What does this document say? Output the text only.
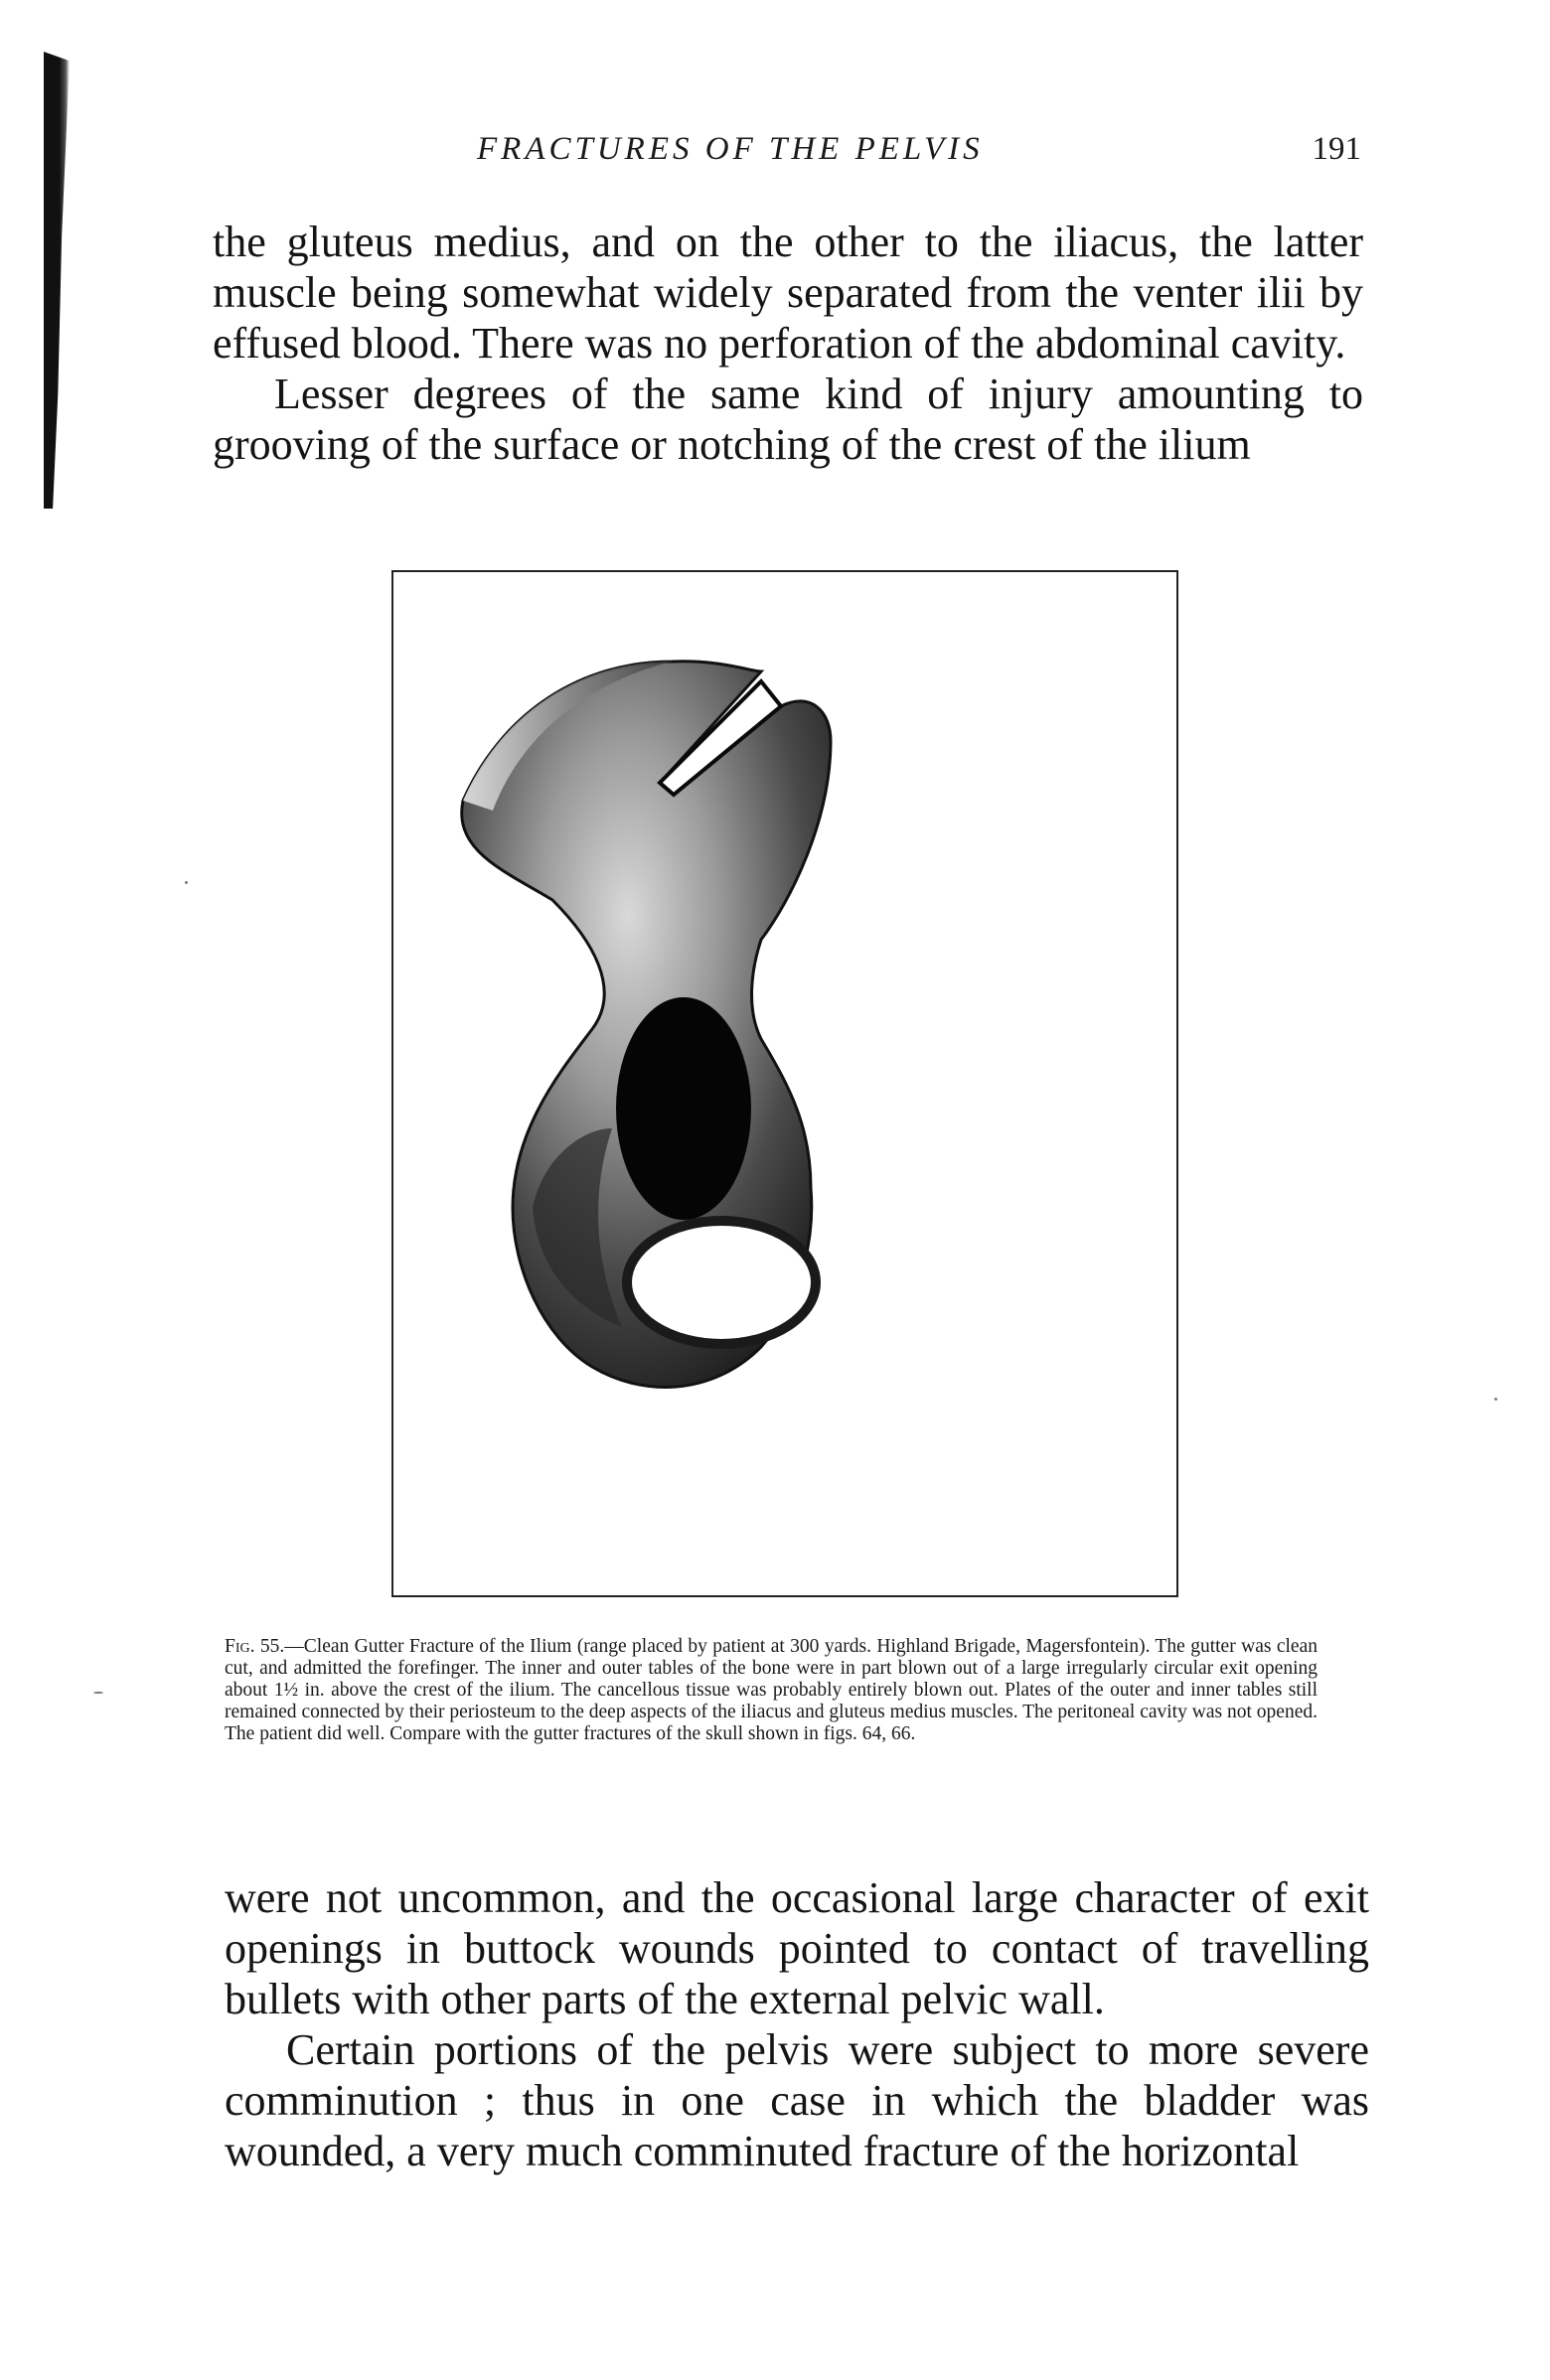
FRACTURES OF THE PELVIS	191

the gluteus medius, and on the other to the iliacus, the latter muscle being somewhat widely separated from the venter ilii by effused blood. There was no perforation of the abdominal cavity.

Lesser degrees of the same kind of injury amounting to grooving of the surface or notching of the crest of the ilium

Fig. 55.—Clean Gutter Fracture of the Ilium (range placed by patient at 300 yards. Highland Brigade, Magersfontein). The gutter was clean cut, and admitted the forefinger. The inner and outer tables of the bone were in part blown out of a large irregularly circular exit opening about 1½ in. above the crest of the ilium. The cancellous tissue was probably entirely blown out. Plates of the outer and inner tables still remained connected by their periosteum to the deep aspects of the iliacus and gluteus medius muscles. The peritoneal cavity was not opened. The patient did well. Compare with the gutter fractures of the skull shown in figs. 64, 66.

were not uncommon, and the occasional large character of exit openings in buttock wounds pointed to contact of travelling bullets with other parts of the external pelvic wall.

Certain portions of the pelvis were subject to more severe comminution ; thus in one case in which the bladder was wounded, a very much comminuted fracture of the horizontal
